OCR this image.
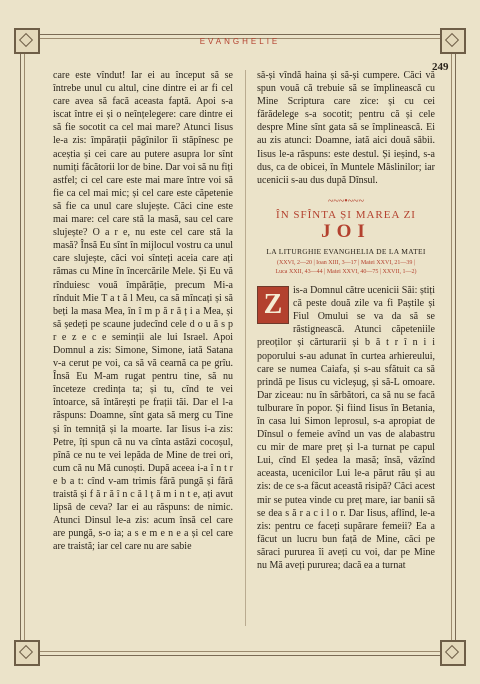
EVANGHELIE
249

care este vîndut! Iar ei au început să se întrebe unul cu altul, cine dintre ei ar fi cel care avea să facă aceasta faptă. Apoi s-a iscat între ei și o neînțelegere: care dintre ei să fie socotit ca cel mai mare? Atunci Iisus le-a zis: împărații păgînilor îi stăpînesc pe aceștia și cei care au putere asupra lor sînt numiți făcătorii lor de bine. Dar voi să nu fiți astfel; ci cel care este mai mare între voi să fie ca cel mai mic; și cel care este căpetenie să fie ca unul care slujește. Căci cine este mai mare: cel care stă la masă, sau cel care slujește? O a r e, nu este cel care stă la masă? Însă Eu sînt în mijlocul vostru ca unul care slujește, căci voi sînteți aceia care ați rămas cu Mine în încercările Mele. Și Eu vă rînduiesc vouă împărăție, precum Mi-a rînduit Mie T a t ă l Meu, ca să mîncați și să beți la masa Mea, în î m p ă r ă ț i a Mea, și să ședeți pe scaune judecînd cele d o u ă s p r e z e c e seminții ale lui Israel. Apoi Domnul a zis: Simone, Simone, iată Satana v-a cerut pe voi, ca să vă cearnă ca pe grîu. Însă Eu M-am rugat pentru tine, să nu înceteze credința ta; și tu, cînd te vei întoarce, să întărești pe frații tăi. Dar el l-a răspuns: Doamne, sînt gata să merg cu Tine și în temniță și la moarte. Iar Iisus i-a zis: Petre, îți spun că nu va cînta astăzi cocoșul, pînă ce nu te vei lepăda de Mine de trei ori, cum că nu Mă cunoști. După aceea i-a î n t r e b a t: cînd v-am trimis fără pungă și fără traistă și f ă r ă î n c ă l ț ă m i n t e, ați avut lipsă de ceva? Iar ei au răspuns: de nimic. Atunci Dinsul le-a zis: acum însă cel care are pungă, s-o ia; a s e m e n e a și cel care are traistă; iar cel care nu are sabie

să-și vîndă haina și să-și cumpere. Căci vă spun vouă că trebuie să se împlinească cu Mine Scriptura care zice: și cu cei fărădelege s-a socotit; pentru că și cele despre Mine sînt gata să se împlinească. Ei au zis atunci: Doamne, iată aici două săbii. Iisus le-a răspuns: este destul. Și ieșind, s-a dus, ca de obicei, în Muntele Măslinilor; iar ucenicii s-au dus după Dînsul.

~~~•~~~
ÎN SFÎNTA ȘI MAREA ZI
JOI
LA LITURGHIE EVANGHELIA DE LA MATEI
(XXVI, 2—20 | Ioan XIII, 3—17 | Matei XXVI, 21—39 |
Luca XXII, 43—44 | Matei XXVI, 40—75 | XXVII, 1—2)
Z	is-a Domnul către ucenicii Săi: știți că peste două zile va fi Paștile și Fiul Omului se va da să se răstignească. Atunci căpeteniile preoților și cărturarii și b ă t r î n i i poporului s-au adunat în curtea arhiereului, care se numea Caiafa, și s-au sfătuit ca să prindă pe Iisus cu vicleșug, și să-L omoare. Dar ziceau: nu în sărbători, ca să nu se facă tulburare în popor. Și fiind Iisus în Betania, în casa lui Simon leprosul, s-a apropiat de Dînsul o femeie avînd un vas de alabastru cu mir de mare preț și l-a turnat pe capul Lui, cînd El ședea la masă; însă, văzînd aceasta, ucenicilor Lui le-a părut rău și au zis: de ce s-a făcut această risipă? Căci acest mir se putea vinde cu preț mare, iar banii să se dea s ă r a c i l o r. Dar Iisus, aflînd, le-a zis: pentru ce faceți supărare femeii? Ea a făcut un lucru bun față de Mine, căci pe săraci pururea îi aveți cu voi, dar pe Mine nu Mă aveți pururea; dacă ea a turnat
